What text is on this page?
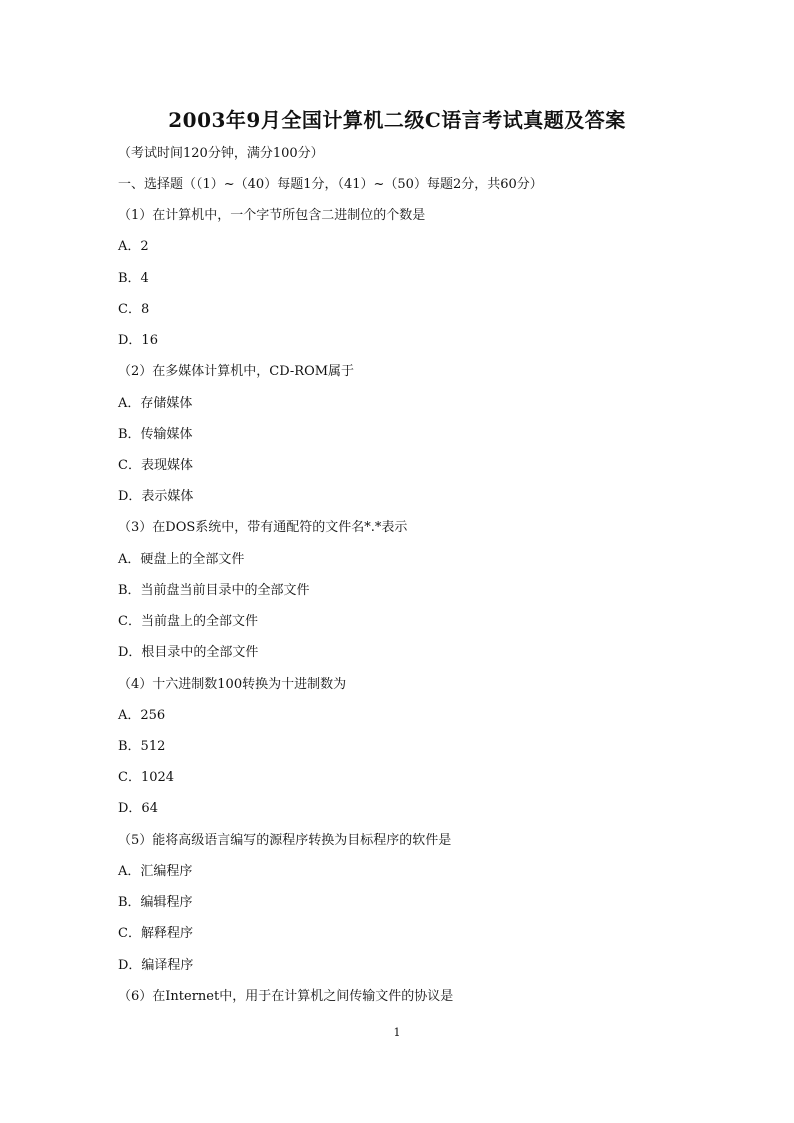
2003年9月全国计算机二级C语言考试真题及答案
（考试时间120分钟，满分100分）
一、选择题（（1）~（40）每题1分，（41）~（50）每题2分，共60分）
（1）在计算机中，一个字节所包含二进制位的个数是
A．2
B．4
C．8
D．16
（2）在多媒体计算机中，CD-ROM属于
A．存储媒体
B．传输媒体
C．表现媒体
D．表示媒体
（3）在DOS系统中，带有通配符的文件名*.*表示
A．硬盘上的全部文件
B．当前盘当前目录中的全部文件
C．当前盘上的全部文件
D．根目录中的全部文件
（4）十六进制数100转换为十进制数为
A．256
B．512
C．1024
D．64
（5）能将高级语言编写的源程序转换为目标程序的软件是
A．汇编程序
B．编辑程序
C．解释程序
D．编译程序
（6）在Internet中，用于在计算机之间传输文件的协议是
1
